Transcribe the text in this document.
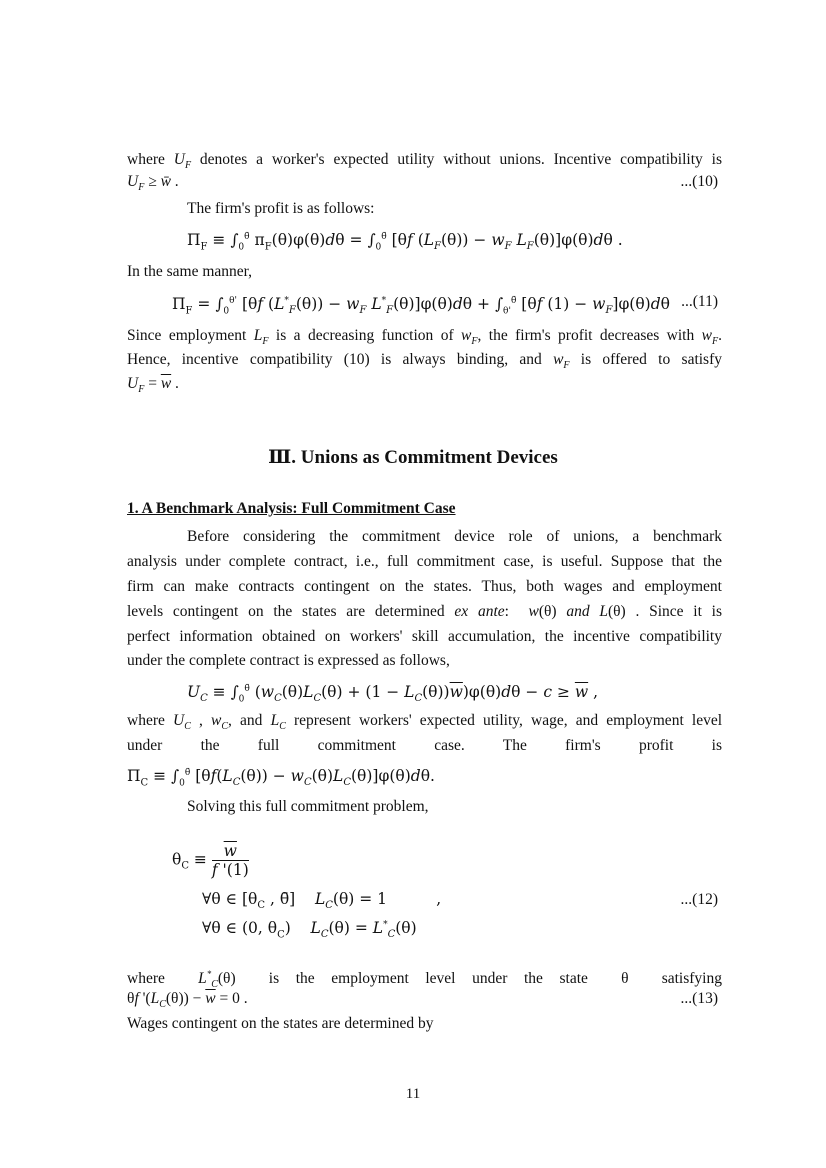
where $U_F$ denotes a worker's expected utility without unions. Incentive compatibility is
$U_F$ ≥ w̄ .	...(10)
The firm's profit is as follows:
$\Pi_F \equiv \int_0^{\thetā}$ $\pi_F(\theta)\varphi(\theta)d\theta = \int_0^{\thetā}$ [θf $(L_F(\theta)) - w_F$ $L_F(\theta)]\varphi(\theta)d\theta$ .
In the same manner,
$\Pi_F = \int_0^{\theta'}$ [θf $(L^*_F(\theta)) - w_F$ $L^*_F(\theta)]\varphi(\theta)d\theta + \int_{\theta'}^{\thetā}$ [θf $(1) - w_F]\varphi(\theta)d\theta$ ...(11)
Since employment $L_F$ is a decreasing function of $w_F$, the firm's profit decreases with $w_F$.
Hence, incentive compatibility (10) is always binding, and $w_F$ is offered to satisfy
$U_F = \overline{w}$ .
Ⅲ. Unions as Commitment Devices
1. A Benchmark Analysis: Full Commitment Case
Before considering the commitment device role of unions, a benchmark
analysis under complete contract, i.e., full commitment case, is useful. Suppose that the
firm can make contracts contingent on the states. Thus, both wages and employment
levels contingent on the states are determined ex ante:  w(θ) and L(θ) . Since it is
perfect information obtained on workers' skill accumulation, the incentive compatibility
under the complete contract is expressed as follows,
$U_C \equiv \int_0^{\thetā}$ $(w_C(\theta)L_C(\theta) + (1 - L_C(\theta))\overline{w})\varphi(\theta)d\theta - c \ge \overline{w}$ ,
where $U_C$ , $w_C$, and $L_C$ represent workers' expected utility, wage, and employment level
under the full commitment case. The firm's profit is
$\Pi_C \equiv \int_0^{\thetā}$ $[\theta f(L_C(\theta)) - w_C(\theta)L_C(\theta)]\varphi(\theta)d\theta$.
Solving this full commitment problem,
$\theta_C \equiv \frac{\overline{w}}{f '(1)}$
∀θ ∈ [$\theta_C$ , θ̄]    $L_C(\theta) = 1$          ,	...(12)
∀θ ∈ (0, $\theta_C$)    $L_C(\theta) = L^*_C(\theta)$
where  $L^*_C(\theta)$  is the employment level under the state  θ  satisfying
θf '$(L_C(\theta)) - \overline{w} = 0$ .	...(13)
Wages contingent on the states are determined by
11
